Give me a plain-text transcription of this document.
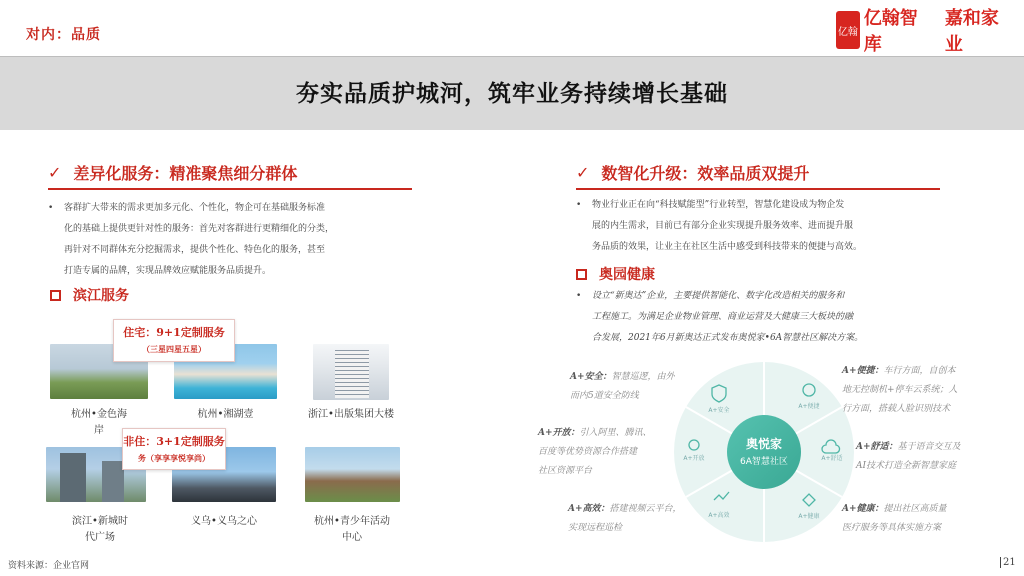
对内：品质	亿翰
亿翰智库
嘉和家业
夯实品质护城河，筑牢业务持续增长基础
✓ 差异化服务：精准聚焦细分群体
•	客群扩大带来的需求更加多元化、个性化，物企可在基础服务标准
化的基础上提供更针对性的服务：首先对客群进行更精细化的分类，
再针对不同群体充分挖掘需求，提供个性化、特色化的服务，甚至
打造专属的品牌，实现品牌效应赋能服务品质提升。
滨江服务
住宅：9+1定制服务
（三星四星五星）
杭州•金色海
岸
杭州•湘湖壹	浙江•出版集团大楼
非住：3+1定制服务
务（享享享悦享尚）
滨江•新城时
代广场
义乌•义乌之心	杭州•青少年活动
中心
✓ 数智化升级：效率品质双提升
•	物业行业正在向“科技赋能型”行业转型，智慧化建设成为物企发
展的内生需求，目前已有部分企业实现提升服务效率、进而提升服
务品质的效果，让业主在社区生活中感受到科技带来的便捷与高效。
奥园健康
•	设立“新奥达”企业，主要提供智能化、数字化改造相关的服务和
工程施工。为满足企业物业管理、商业运营及大健康三大板块的融
合发展，2021年6月新奥达正式发布奥悦家•6A智慧社区解决方案。
奥悦家
6A智慧社区
A+安全
A+便捷
A+舒适
A+健康
A+高效
A+开放
A+安全：智慧巡逻，由外
而内5道安全防线
A+开放：引入阿里、腾讯、
百度等优势资源合作搭建
社区资源平台
A+高效：搭建视频云平台，
实现远程巡检
A+便捷：车行方面，自创本
地无控制机+停车云系统；人
行方面，搭载人脸识别技术
A+舒适：基于语音交互及
AI技术打造全新智慧家庭
A+健康：提出社区高质量
医疗服务等具体实施方案
资料来源：企业官网	21
